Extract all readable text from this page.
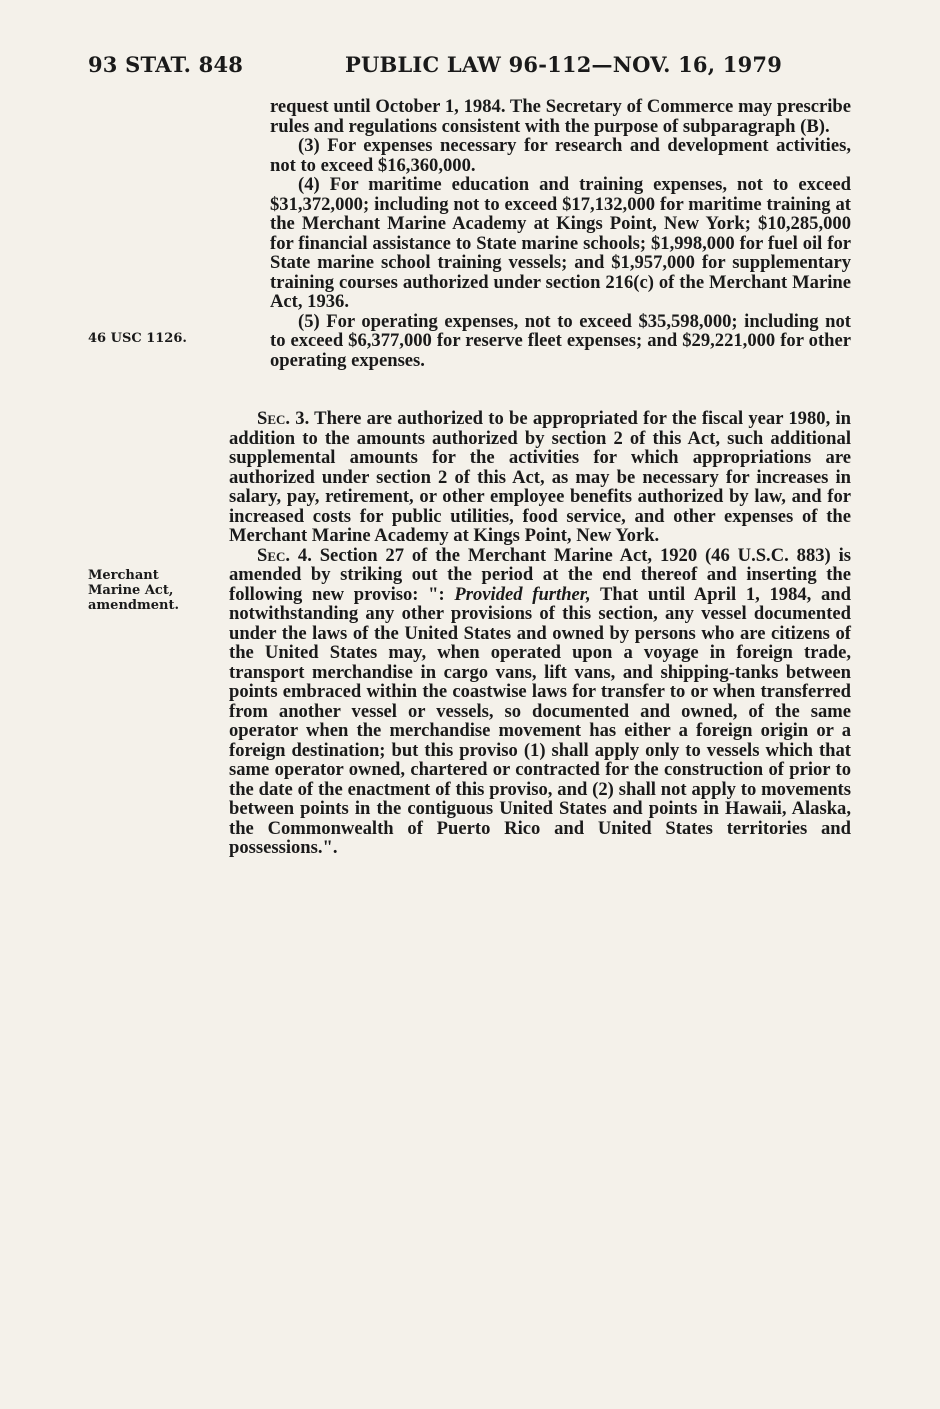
93 STAT. 848	PUBLIC LAW 96-112—NOV. 16, 1979
46 USC 1126.
Merchant Marine Act, amendment.

request until October 1, 1984. The Secretary of Commerce may prescribe rules and regulations consistent with the purpose of subparagraph (B).

(3) For expenses necessary for research and development activities, not to exceed $16,360,000.

(4) For maritime education and training expenses, not to exceed $31,372,000; including not to exceed $17,132,000 for maritime training at the Merchant Marine Academy at Kings Point, New York; $10,285,000 for financial assistance to State marine schools; $1,998,000 for fuel oil for State marine school training vessels; and $1,957,000 for supplementary training courses authorized under section 216(c) of the Merchant Marine Act, 1936.

(5) For operating expenses, not to exceed $35,598,000; including not to exceed $6,377,000 for reserve fleet expenses; and $29,221,000 for other operating expenses.

Sec. 3. There are authorized to be appropriated for the fiscal year 1980, in addition to the amounts authorized by section 2 of this Act, such additional supplemental amounts for the activities for which appropriations are authorized under section 2 of this Act, as may be necessary for increases in salary, pay, retirement, or other employee benefits authorized by law, and for increased costs for public utilities, food service, and other expenses of the Merchant Marine Academy at Kings Point, New York.

Sec. 4. Section 27 of the Merchant Marine Act, 1920 (46 U.S.C. 883) is amended by striking out the period at the end thereof and inserting the following new proviso: ": Provided further, That until April 1, 1984, and notwithstanding any other provisions of this section, any vessel documented under the laws of the United States and owned by persons who are citizens of the United States may, when operated upon a voyage in foreign trade, transport merchandise in cargo vans, lift vans, and shipping-tanks between points embraced within the coastwise laws for transfer to or when transferred from another vessel or vessels, so documented and owned, of the same operator when the merchandise movement has either a foreign origin or a foreign destination; but this proviso (1) shall apply only to vessels which that same operator owned, chartered or contracted for the construction of prior to the date of the enactment of this proviso, and (2) shall not apply to movements between points in the contiguous United States and points in Hawaii, Alaska, the Commonwealth of Puerto Rico and United States territories and possessions.".
